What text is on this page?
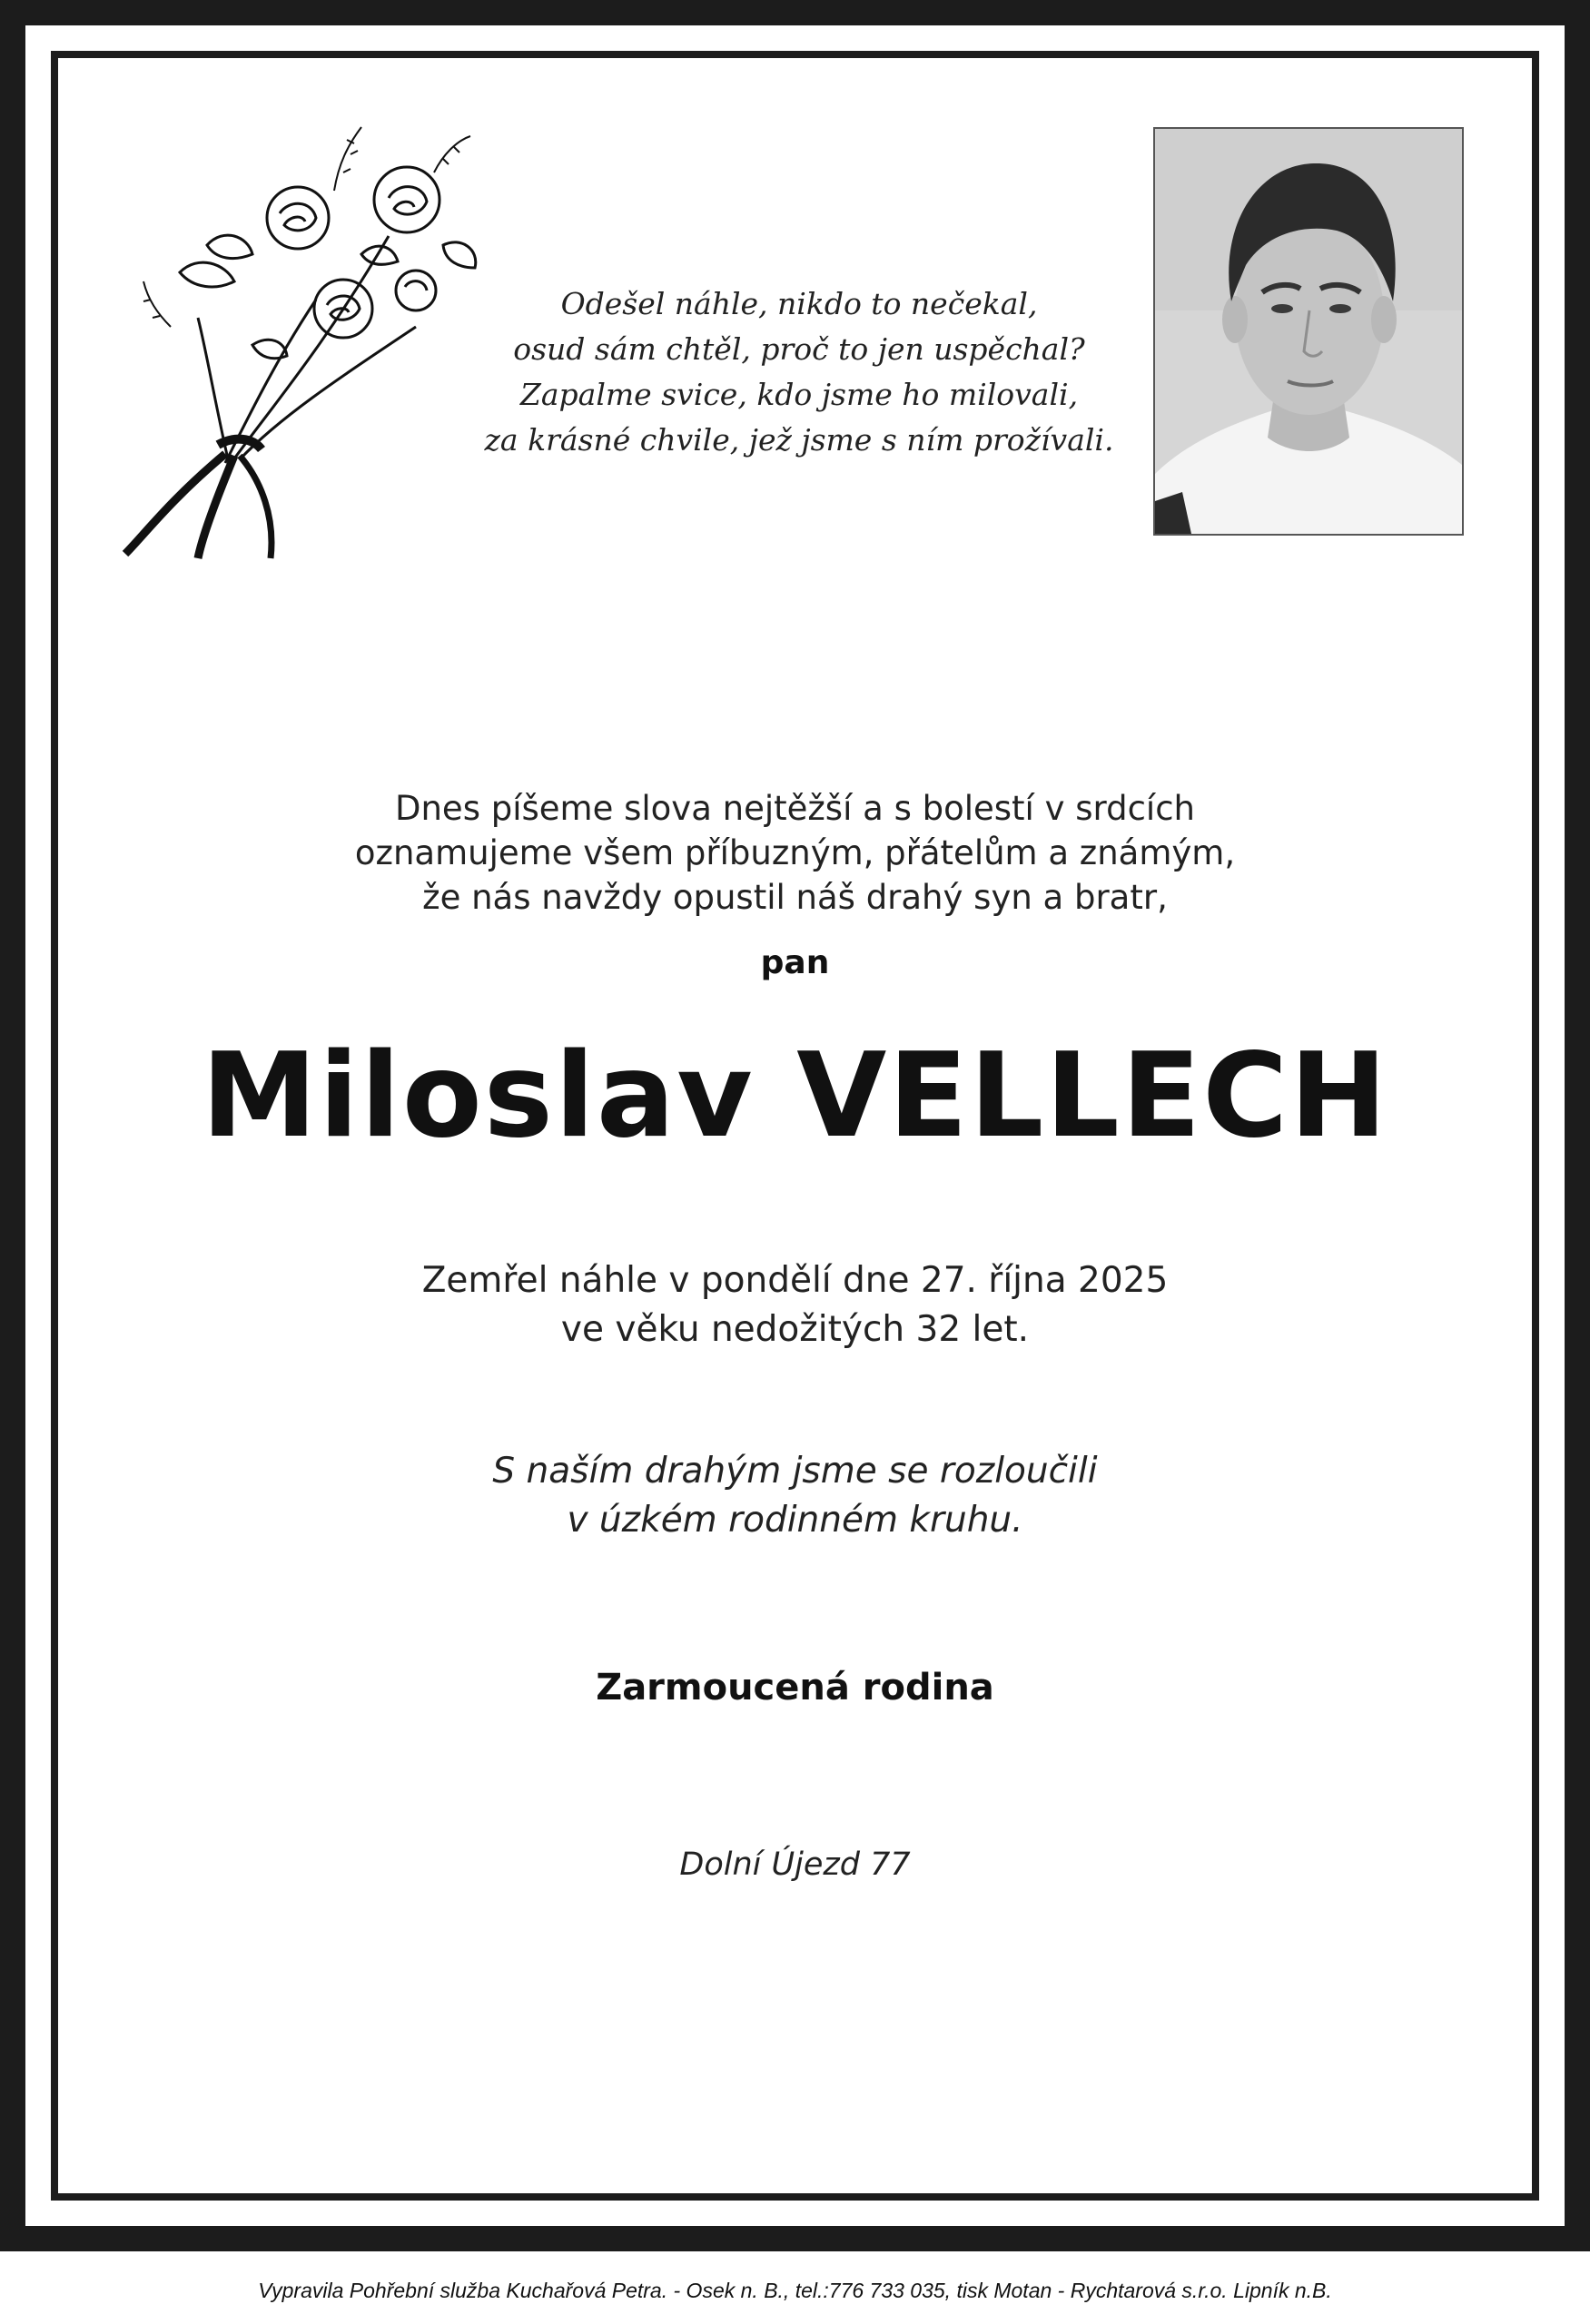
Odešel náhle, nikdo to nečekal,
osud sám chtěl, proč to jen uspěchal?
Zapalme svice, kdo jsme ho milovali,
za krásné chvile, jež jsme s ním prožívali.
Dnes píšeme slova nejtěžší a s bolestí v srdcích
oznamujeme všem příbuzným, přátelům a známým,
že nás navždy opustil náš drahý syn a bratr,
pan
Miloslav VELLECH
Zemřel náhle v pondělí dne 27. října 2025
ve věku nedožitých 32 let.
S naším drahým jsme se rozloučili
v úzkém rodinném kruhu.
Zarmoucená rodina
Dolní Újezd 77
Vypravila Pohřební služba Kuchařová Petra. - Osek n. B., tel.:776 733 035, tisk Motan - Rychtarová s.r.o. Lipník n.B.
